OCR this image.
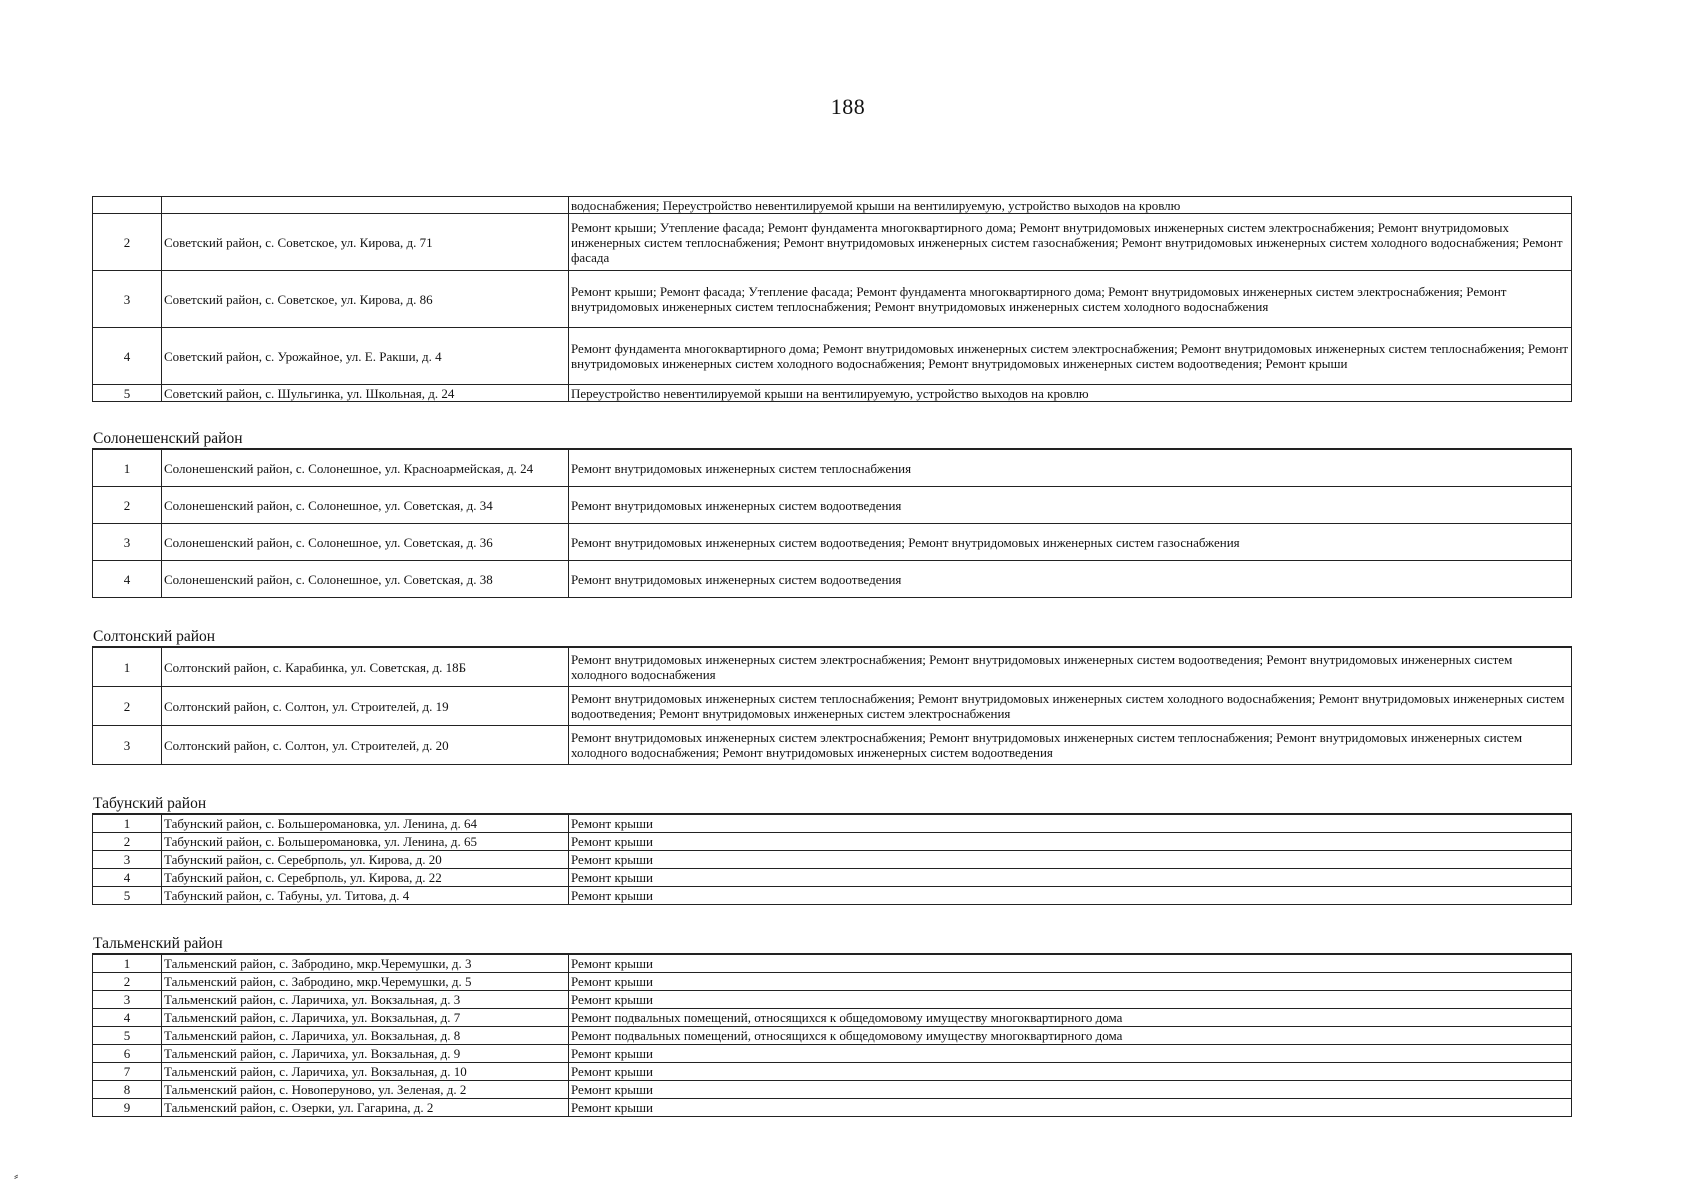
188
		водоснабжения; Переустройство невентилируемой крыши на вентилируемую, устройство выходов на кровлю
2	Советский район, с. Советское, ул. Кирова, д. 71	Ремонт крыши; Утепление фасада; Ремонт фундамента многоквартирного дома; Ремонт внутридомовых инженерных систем электроснабжения; Ремонт внутридомовых инженерных систем теплоснабжения; Ремонт внутридомовых инженерных систем газоснабжения; Ремонт внутридомовых инженерных систем холодного водоснабжения; Ремонт фасада
3	Советский район, с. Советское, ул. Кирова, д. 86	Ремонт крыши; Ремонт фасада; Утепление фасада; Ремонт фундамента многоквартирного дома; Ремонт внутридомовых инженерных систем электроснабжения; Ремонт внутридомовых инженерных систем теплоснабжения; Ремонт внутридомовых инженерных систем холодного водоснабжения
4	Советский район, с. Урожайное, ул. Е. Ракши, д. 4	Ремонт фундамента многоквартирного дома; Ремонт внутридомовых инженерных систем электроснабжения; Ремонт внутридомовых инженерных систем теплоснабжения; Ремонт внутридомовых инженерных систем холодного водоснабжения; Ремонт внутридомовых инженерных систем водоотведения; Ремонт крыши
5	Советский район, с. Шульгинка, ул. Школьная, д. 24	Переустройство невентилируемой крыши на вентилируемую, устройство выходов на кровлю
Солонешенский район
1	Солонешенский район, с. Солонешное, ул. Красноармейская, д. 24	Ремонт внутридомовых инженерных систем теплоснабжения
2	Солонешенский район, с. Солонешное, ул. Советская, д. 34	Ремонт внутридомовых инженерных систем водоотведения
3	Солонешенский район, с. Солонешное, ул. Советская, д. 36	Ремонт внутридомовых инженерных систем водоотведения; Ремонт внутридомовых инженерных систем газоснабжения
4	Солонешенский район, с. Солонешное, ул. Советская, д. 38	Ремонт внутридомовых инженерных систем водоотведения
Солтонский район
1	Солтонский район, с. Карабинка, ул. Советская, д. 18Б	Ремонт внутридомовых инженерных систем электроснабжения; Ремонт внутридомовых инженерных систем водоотведения; Ремонт внутридомовых инженерных систем холодного водоснабжения
2	Солтонский район, с. Солтон, ул. Строителей, д. 19	Ремонт внутридомовых инженерных систем теплоснабжения; Ремонт внутридомовых инженерных систем холодного водоснабжения; Ремонт внутридомовых инженерных систем водоотведения; Ремонт внутридомовых инженерных систем электроснабжения
3	Солтонский район, с. Солтон, ул. Строителей, д. 20	Ремонт внутридомовых инженерных систем электроснабжения; Ремонт внутридомовых инженерных систем теплоснабжения; Ремонт внутридомовых инженерных систем холодного водоснабжения; Ремонт внутридомовых инженерных систем водоотведения
Табунский район
1	Табунский район, с. Большеромановка, ул. Ленина, д. 64	Ремонт крыши
2	Табунский район, с. Большеромановка, ул. Ленина, д. 65	Ремонт крыши
3	Табунский район, с. Серебрполь, ул. Кирова, д. 20	Ремонт крыши
4	Табунский район, с. Серебрполь, ул. Кирова, д. 22	Ремонт крыши
5	Табунский район, с. Табуны, ул. Титова, д. 4	Ремонт крыши
Тальменский район
1	Тальменский район, с. Забродино, мкр.Черемушки, д. 3	Ремонт крыши
2	Тальменский район, с. Забродино, мкр.Черемушки, д. 5	Ремонт крыши
3	Тальменский район, с. Ларичиха, ул. Вокзальная, д. 3	Ремонт крыши
4	Тальменский район, с. Ларичиха, ул. Вокзальная, д. 7	Ремонт подвальных помещений, относящихся к общедомовому имуществу многоквартирного дома
5	Тальменский район, с. Ларичиха, ул. Вокзальная, д. 8	Ремонт подвальных помещений, относящихся к общедомовому имуществу многоквартирного дома
6	Тальменский район, с. Ларичиха, ул. Вокзальная, д. 9	Ремонт крыши
7	Тальменский район, с. Ларичиха, ул. Вокзальная, д. 10	Ремонт крыши
8	Тальменский район, с. Новоперуново, ул. Зеленая, д. 2	Ремонт крыши
9	Тальменский район, с. Озерки, ул. Гагарина, д. 2	Ремонт крыши
⸗
